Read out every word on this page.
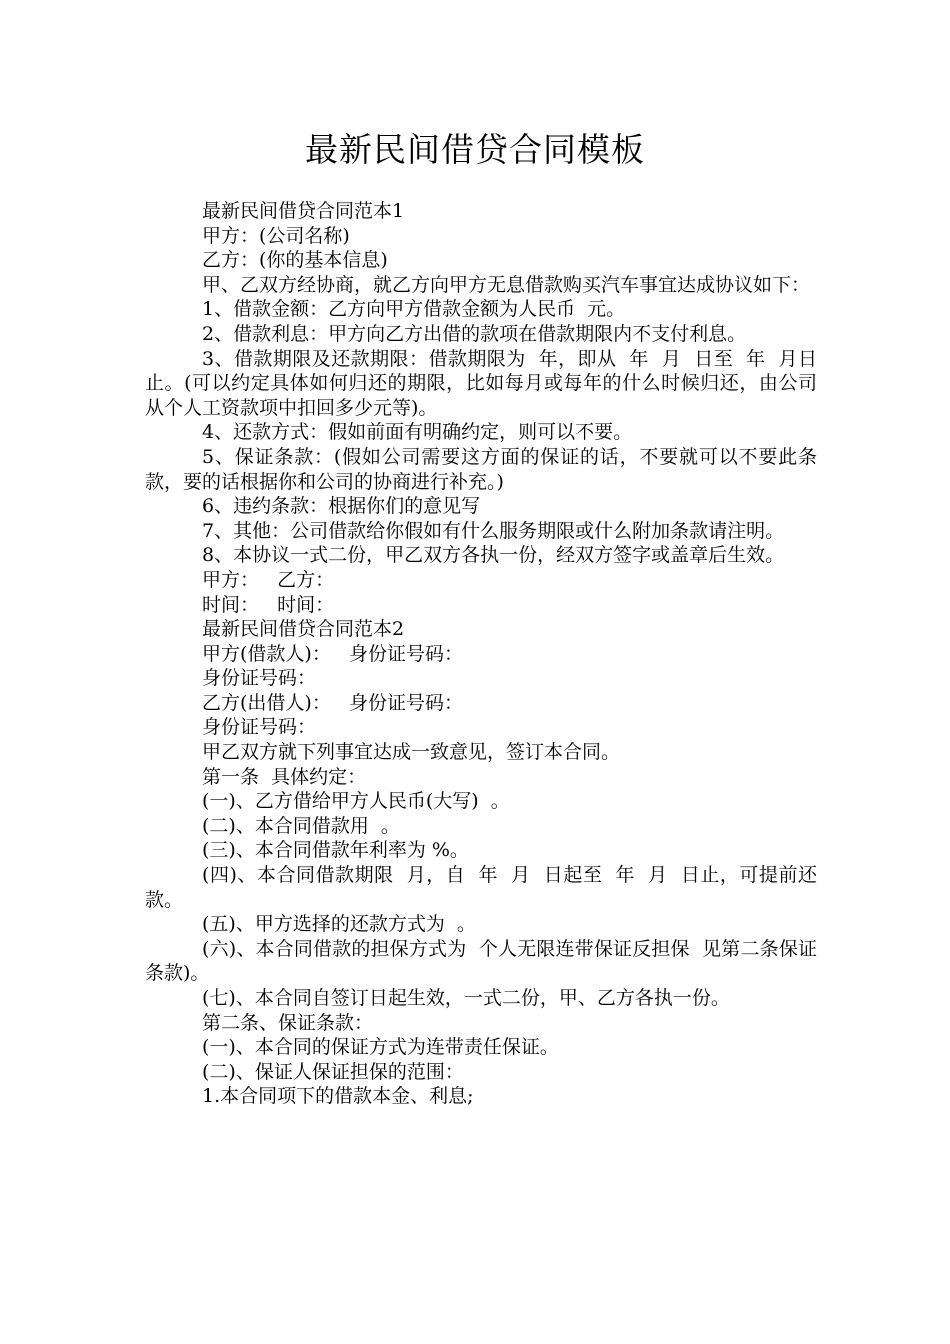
最新民间借贷合同模板

最新民间借贷合同范本1

甲方：(公司名称)

乙方：(你的基本信息)

甲、乙双方经协商，就乙方向甲方无息借款购买汽车事宜达成协议如下：

1、借款金额：乙方向甲方借款金额为人民币  元。

2、借款利息：甲方向乙方出借的款项在借款期限内不支付利息。

3、借款期限及还款期限：借款期限为  年，即从  年  月  日至  年  月日止。(可以约定具体如何归还的期限，比如每月或每年的什么时候归还，由公司从个人工资款项中扣回多少元等)。

4、还款方式：假如前面有明确约定，则可以不要。

5、保证条款：(假如公司需要这方面的保证的话，不要就可以不要此条款，要的话根据你和公司的协商进行补充。)

6、违约条款：根据你们的意见写

7、其他：公司借款给你假如有什么服务期限或什么附加条款请注明。

8、本协议一式二份，甲乙双方各执一份，经双方签字或盖章后生效。

甲方：   乙方：

时间：   时间：

最新民间借贷合同范本2

甲方(借款人)：   身份证号码：

身份证号码：

乙方(出借人)：   身份证号码：

身份证号码：

甲乙双方就下列事宜达成一致意见，签订本合同。

第一条  具体约定：

(一)、乙方借给甲方人民币(大写)  。

(二)、本合同借款用  。

(三)、本合同借款年利率为 %。

(四)、本合同借款期限  月，自  年  月  日起至  年  月  日止，可提前还款。

(五)、甲方选择的还款方式为  。

(六)、本合同借款的担保方式为  个人无限连带保证反担保  见第二条保证条款)。

(七)、本合同自签订日起生效，一式二份，甲、乙方各执一份。

第二条、保证条款：

(一)、本合同的保证方式为连带责任保证。

(二)、保证人保证担保的范围：

1.本合同项下的借款本金、利息;
